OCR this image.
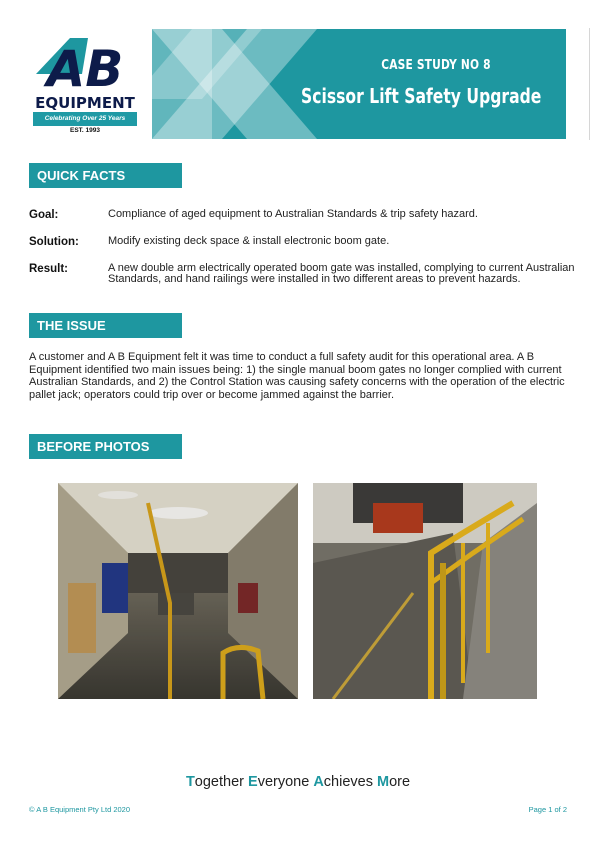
AB
EQUIPMENT
Celebrating Over 25 Years
EST. 1993
CASE STUDY NO 8
Scissor Lift Safety Upgrade
QUICK FACTS
Goal:	Compliance of aged equipment to Australian Standards & trip safety hazard.
Solution:	Modify existing deck space & install electronic boom gate.
Result:	A new double arm electrically operated boom gate was installed, complying to current Australian Standards, and hand railings were installed in two different areas to prevent hazards.
THE ISSUE
A customer and A B Equipment felt it was time to conduct a full safety audit for this operational area. A B Equipment identified two main issues being: 1) the single manual boom gates no longer complied with current Australian Standards, and 2) the Control Station was causing safety concerns with the operation of the electric pallet jack; operators could trip over or become jammed against the barrier.
BEFORE PHOTOS
Together Everyone Achieves More
© A B Equipment Pty Ltd 2020	Page 1 of 2
